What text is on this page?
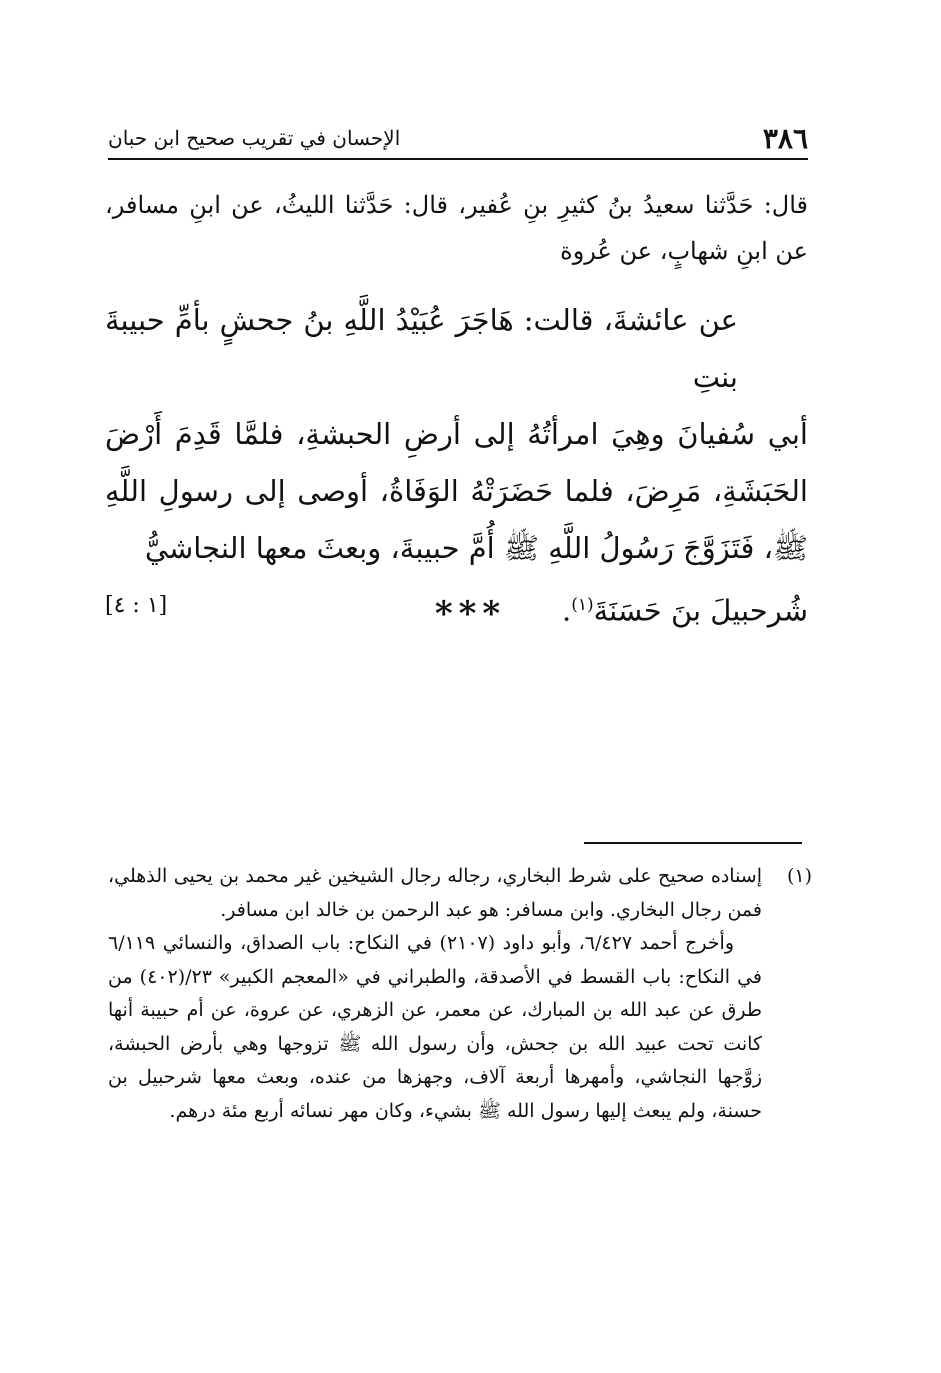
٣٨٦
الإحسان في تقريب صحيح ابن حبان
قال: حَدَّثنا سعيدُ بنُ كثيرِ بنِ عُفير، قال: حَدَّثنا الليثُ، عن ابنِ مسافر، عن ابنِ شهابٍ، عن عُروة
عن عائشةَ، قالت: هَاجَرَ عُبَيْدُ اللَّهِ بنُ جحشٍ بأمِّ حبيبةَ بنتِ
أبي سُفيانَ وهِيَ امرأتُهُ إلى أرضِ الحبشةِ، فلمَّا قَدِمَ أَرْضَ الحَبَشَةِ، مَرِضَ، فلما حَضَرَتْهُ الوَفَاةُ، أوصى إلى رسولِ اللَّهِ ﷺ، فَتَزَوَّجَ رَسُولُ اللَّهِ ﷺ أُمَّ حبيبةَ، وبعثَ معها النجاشيُّ
شُرحبيلَ بنَ حَسَنَةَ$^{(١)}$.
[١ : ٤]	***
(١)

إسناده صحيح على شرط البخاري، رجاله رجال الشيخين غير محمد بن يحيى الذهلي، فمن رجال البخاري. وابن مسافر: هو عبد الرحمن بن خالد ابن مسافر.

وأخرج أحمد ٦/٤٢٧، وأبو داود (٢١٠٧) في النكاح: باب الصداق، والنسائي ٦/١١٩ في النكاح: باب القسط في الأصدقة، والطبراني في «المعجم الكبير» ٢٣/(٤٠٢) من طرق عن عبد الله بن المبارك، عن معمر، عن الزهري، عن عروة، عن أم حبيبة أنها كانت تحت عبيد الله بن جحش، وأن رسول الله ﷺ تزوجها وهي بأرض الحبشة، زوَّجها النجاشي، وأمهرها أربعة آلاف، وجهزها من عنده، وبعث معها شرحبيل بن حسنة، ولم يبعث إليها رسول الله ﷺ بشيء، وكان مهر نسائه أربع مئة درهم.
